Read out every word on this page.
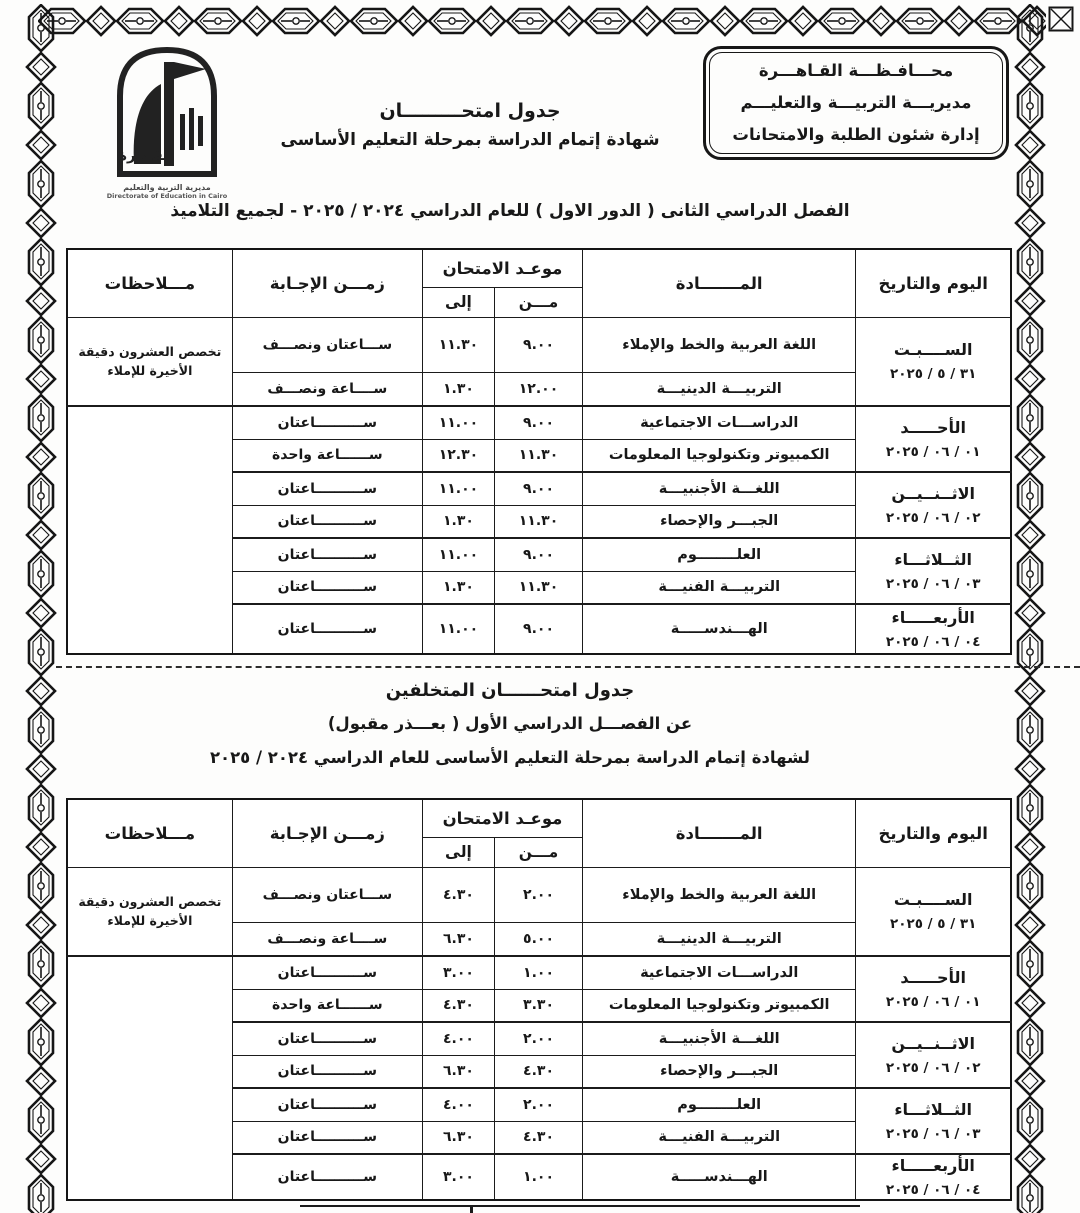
القاهرة
مديرية التربية والتعليم
Directorate of Education in Cairo
محـــافـظـــة القـاهـــرة
مديريـــة التربيـــة والتعليـــم
إدارة شئون الطلبة والامتحانات
جدول امتحـــــــــان
شهادة إتمام الدراسة بمرحلة التعليم الأساسى
الفصل الدراسي الثانى ( الدور الاول ) للعام الدراسي ٢٠٢٤ / ٢٠٢٥ - لجميع التلاميذ
اليوم والتاريخ	المـــــــادة	موعـد الامتحان		زمـــن الإجـابة	مـــلاحظات
		مـــن	إلى		

الســــبـت
٣١ / ٥ / ٢٠٢٥	اللغة العربية والخط والإملاء	٩.٠٠	١١.٣٠	ســـاعتان ونصـــف	تخصص العشرون دقيقة الأخيرة للإملاء
	التربيـــة الدينيـــة	١٢.٠٠	١.٣٠	ســــاعة ونصـــف	

الأحـــــد
٠١ / ٠٦ / ٢٠٢٥	الدراســـات الاجتماعية	٩.٠٠	١١.٠٠	ســــــــــاعتان	
	الكمبيوتر وتكنولوجيا المعلومات	١١.٣٠	١٢.٣٠	ســــــاعة واحدة	

الاثــنــيــن
٠٢ / ٠٦ / ٢٠٢٥	اللغـــة الأجنبيـــة	٩.٠٠	١١.٠٠	ســــــــــاعتان	
	الجبـــر والإحصاء	١١.٣٠	١.٣٠	ســــــــــاعتان	

الثــلاثـــاء
٠٣ / ٠٦ / ٢٠٢٥	العلــــــــوم	٩.٠٠	١١.٠٠	ســــــــــاعتان	
	التربيـــة الفنيـــة	١١.٣٠	١.٣٠	ســــــــــاعتان	

الأربعـــــاء
٠٤ / ٠٦ / ٢٠٢٥	الهـــندســـــة	٩.٠٠	١١.٠٠	ســــــــــاعتان	
جدول امتحــــــان المتخلفين
عن الفصـــل الدراسي الأول ( بعـــذر مقبول)
لشهادة إتمام الدراسة بمرحلة التعليم الأساسى للعام الدراسي ٢٠٢٤ / ٢٠٢٥
اليوم والتاريخ	المـــــــادة	موعـد الامتحان		زمـــن الإجـابة	مـــلاحظات
		مـــن	إلى		

الســــبـت
٣١ / ٥ / ٢٠٢٥	اللغة العربية والخط والإملاء	٢.٠٠	٤.٣٠	ســـاعتان ونصـــف	تخصص العشرون دقيقة الأخيرة للإملاء
	التربيـــة الدينيـــة	٥.٠٠	٦.٣٠	ســــاعة ونصـــف	

الأحـــــد
٠١ / ٠٦ / ٢٠٢٥	الدراســـات الاجتماعية	١.٠٠	٣.٠٠	ســــــــــاعتان	
	الكمبيوتر وتكنولوجيا المعلومات	٣.٣٠	٤.٣٠	ســــــاعة واحدة	

الاثــنــيــن
٠٢ / ٠٦ / ٢٠٢٥	اللغـــة الأجنبيـــة	٢.٠٠	٤.٠٠	ســــــــــاعتان	
	الجبـــر والإحصاء	٤.٣٠	٦.٣٠	ســــــــــاعتان	

الثــلاثـــاء
٠٣ / ٠٦ / ٢٠٢٥	العلــــــــوم	٢.٠٠	٤.٠٠	ســــــــــاعتان	
	التربيـــة الفنيـــة	٤.٣٠	٦.٣٠	ســــــــــاعتان	

الأربعـــــاء
٠٤ / ٠٦ / ٢٠٢٥	الهـــندســـــة	١.٠٠	٣.٠٠	ســــــــــاعتان	
